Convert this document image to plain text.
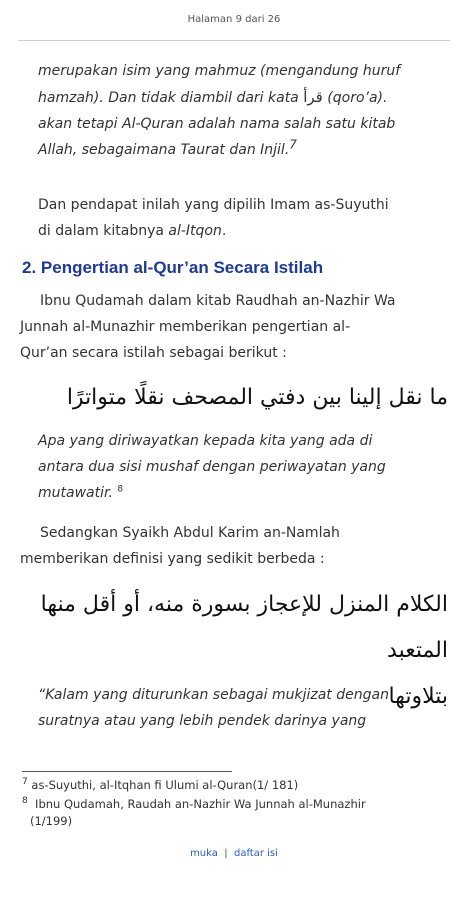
Halaman 9 dari 26

merupakan isim yang mahmuz (mengandung huruf
hamzah). Dan tidak diambil dari kata قرأ (qoro’a).
akan tetapi Al-Quran adalah nama salah satu kitab
Allah, sebagaimana Taurat dan Injil.7

Dan pendapat inilah yang dipilih Imam as-Suyuthi
di dalam kitabnya al-Itqon.

2. Pengertian al-Qur’an Secara Istilah

Ibnu Qudamah dalam kitab Raudhah an-Nazhir Wa
Junnah al-Munazhir memberikan pengertian al-
Qur’an secara istilah sebagai berikut :

ما نقل إلينا بين دفتي المصحف نقلًا متواترًا

Apa yang diriwayatkan kepada kita yang ada di
antara dua sisi mushaf dengan periwayatan yang
mutawatir. $^8$

Sedangkan Syaikh Abdul Karim an-Namlah
memberikan definisi yang sedikit berbeda :

الكلام المنزل للإعجاز بسورة منه، أو أقل منها المتعبد
بتلاوتها

“Kalam yang diturunkan sebagai mukjizat dengan
suratnya atau yang lebih pendek darinya yang

$^7$ as-Suyuthi, al-Itqhan fi Ulumi al-Quran(1/ 181)

$^8$ Ibnu Qudamah, Raudah an-Nazhir Wa Junnah al-Munazhir
(1/199)

muka | daftar isi
